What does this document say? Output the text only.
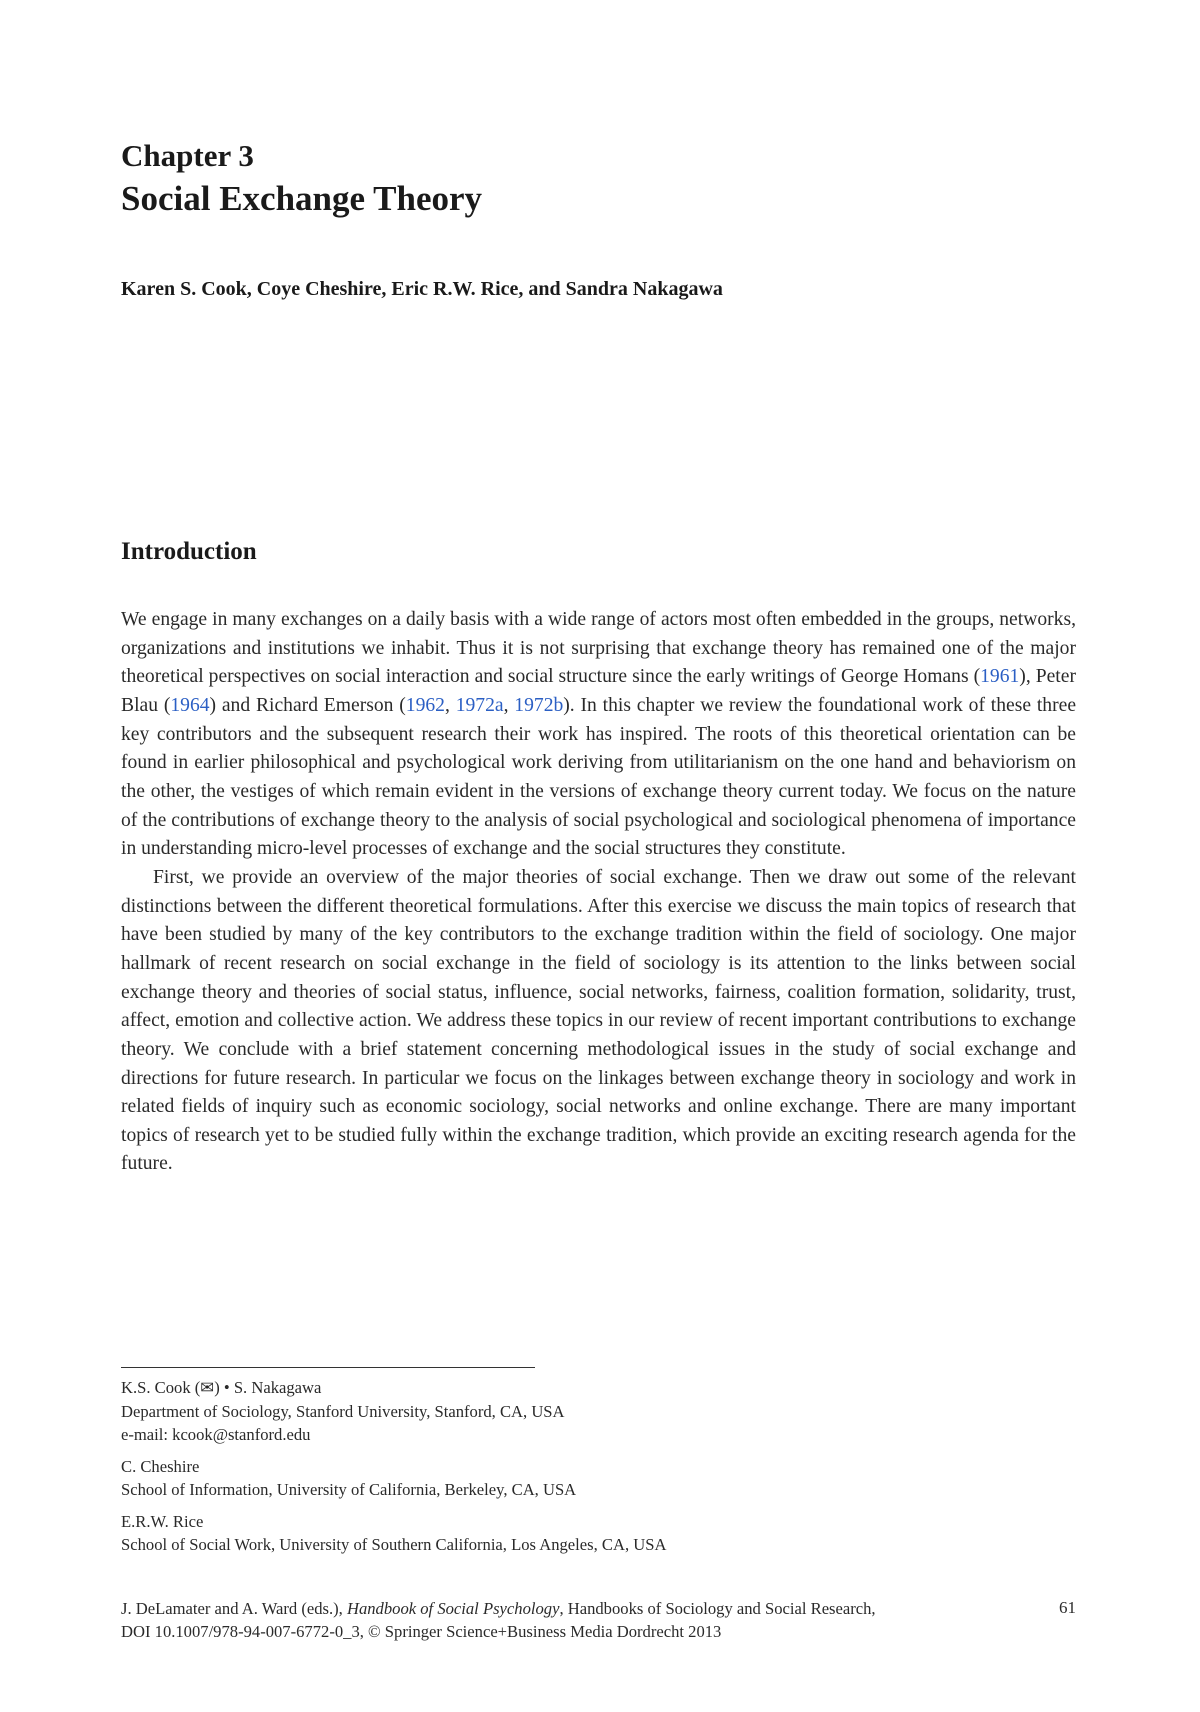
Chapter 3
Social Exchange Theory
Karen S. Cook, Coye Cheshire, Eric R.W. Rice, and Sandra Nakagawa
Introduction

We engage in many exchanges on a daily basis with a wide range of actors most often embedded in the groups, networks, organizations and institutions we inhabit. Thus it is not surprising that exchange theory has remained one of the major theoretical perspectives on social interaction and social structure since the early writings of George Homans (1961), Peter Blau (1964) and Richard Emerson (1962, 1972a, 1972b). In this chapter we review the foundational work of these three key contributors and the subsequent research their work has inspired. The roots of this theoretical orientation can be found in earlier philosophical and psychological work deriving from utilitarianism on the one hand and behaviorism on the other, the vestiges of which remain evident in the versions of exchange theory current today. We focus on the nature of the contributions of exchange theory to the analysis of social psychological and sociological phenomena of importance in understanding micro-level processes of exchange and the social structures they constitute.

First, we provide an overview of the major theories of social exchange. Then we draw out some of the relevant distinctions between the different theoretical formulations. After this exercise we discuss the main topics of research that have been studied by many of the key contributors to the exchange tradition within the field of sociology. One major hallmark of recent research on social exchange in the field of sociology is its attention to the links between social exchange theory and theories of social status, influence, social networks, fairness, coalition formation, solidarity, trust, affect, emotion and collective action. We address these topics in our review of recent important contributions to exchange theory. We conclude with a brief statement concerning methodological issues in the study of social exchange and directions for future research. In particular we focus on the linkages between exchange theory in sociology and work in related fields of inquiry such as economic sociology, social networks and online exchange. There are many important topics of research yet to be studied fully within the exchange tradition, which provide an exciting research agenda for the future.

K.S. Cook (✉) • S. Nakagawa
Department of Sociology, Stanford University, Stanford, CA, USA
e-mail: kcook@stanford.edu
C. Cheshire
School of Information, University of California, Berkeley, CA, USA
E.R.W. Rice
School of Social Work, University of Southern California, Los Angeles, CA, USA
J. DeLamater and A. Ward (eds.), Handbook of Social Psychology, Handbooks of Sociology and Social Research,
DOI 10.1007/978-94-007-6772-0_3, © Springer Science+Business Media Dordrecht 2013
61
